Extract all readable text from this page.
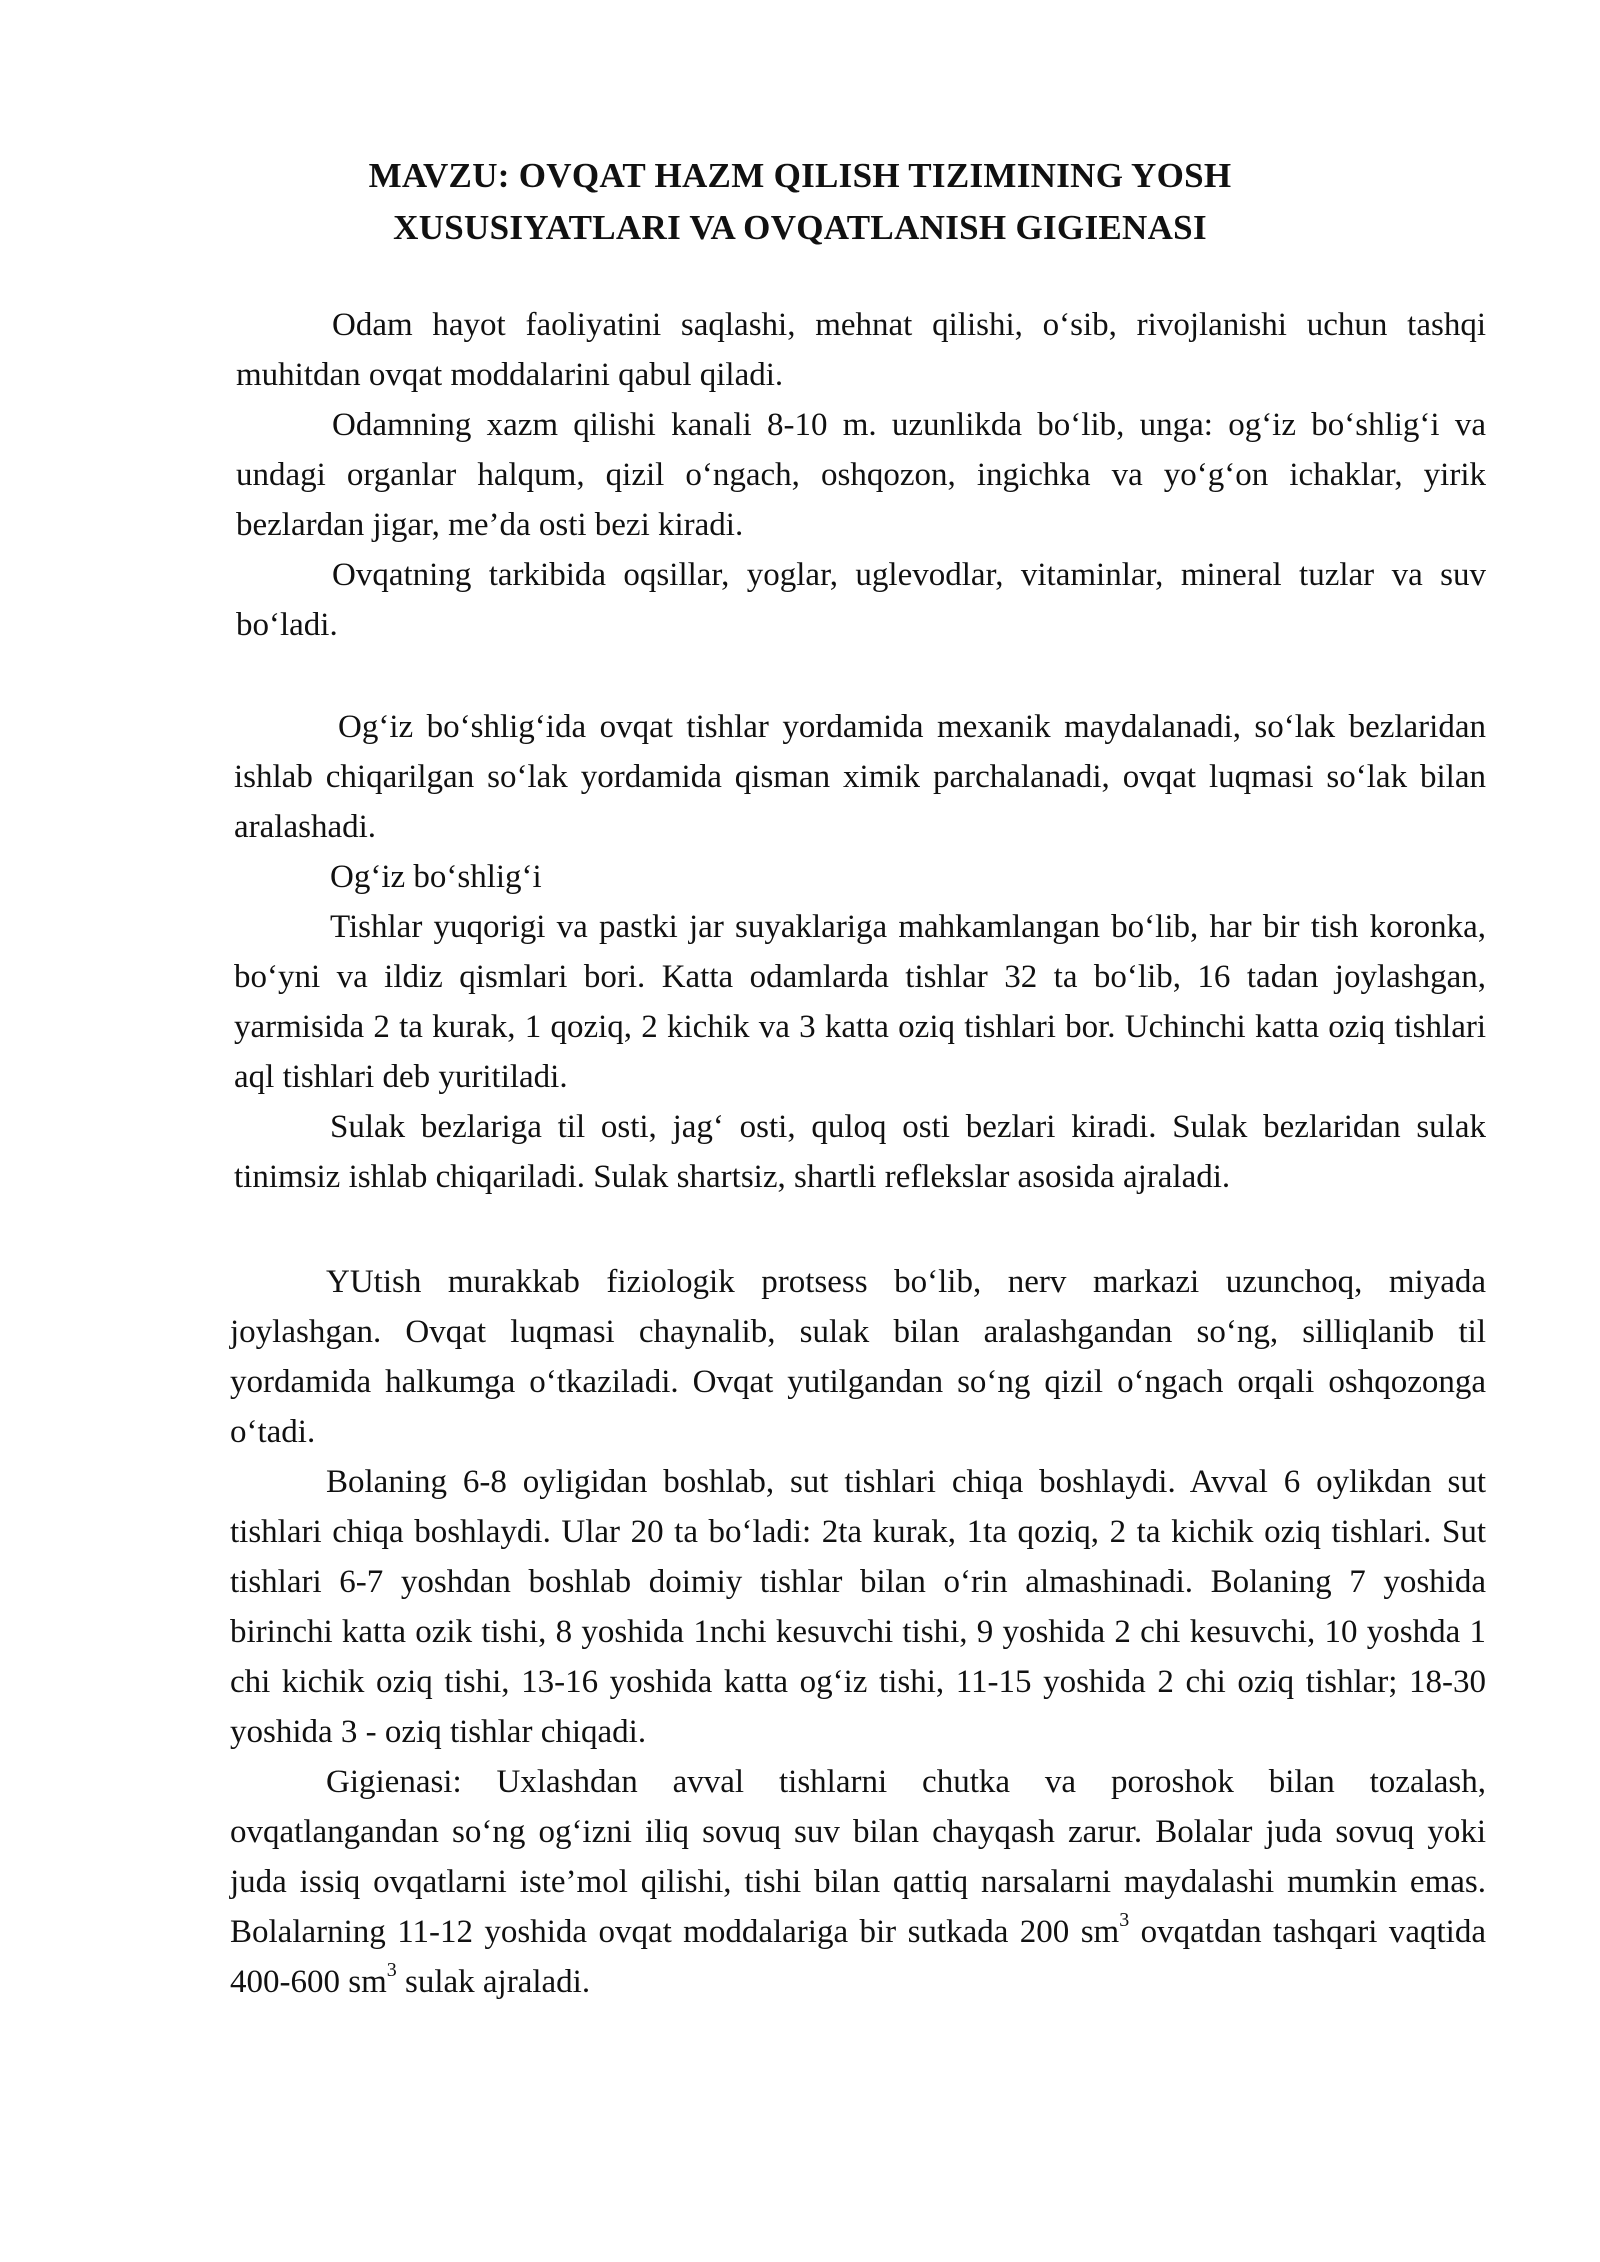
MAVZU: OVQAT HAZM QILISH TIZIMINING YOSH
XUSUSIYATLARI VA OVQATLANISH GIGIENASI

Odam hayot faoliyatini saqlashi, mehnat qilishi, o‘sib, rivojlanishi uchun tashqi muhitdan ovqat moddalarini qabul qiladi.

Odamning xazm qilishi kanali 8-10 m. uzunlikda bo‘lib, unga: og‘iz bo‘shlig‘i va undagi organlar halqum, qizil o‘ngach, oshqozon, ingichka va yo‘g‘on ichaklar, yirik bezlardan jigar, me’da osti bezi kiradi.

Ovqatning tarkibida oqsillar, yoglar, uglevodlar, vitaminlar, mineral tuzlar va suv bo‘ladi.

Og‘iz bo‘shlig‘ida ovqat tishlar yordamida mexanik maydalanadi, so‘lak bezlaridan ishlab chiqarilgan so‘lak yordamida qisman ximik parchalanadi, ovqat luqmasi so‘lak bilan aralashadi.

Og‘iz bo‘shlig‘i

Tishlar yuqorigi va pastki jar suyaklariga mahkamlangan bo‘lib, har bir tish koronka, bo‘yni va ildiz qismlari bori. Katta odamlarda tishlar 32 ta bo‘lib, 16 tadan joylashgan, yarmisida 2 ta kurak, 1 qoziq, 2 kichik va 3 katta oziq tishlari bor. Uchinchi katta oziq tishlari aql tishlari deb yuritiladi.

Sulak bezlariga til osti, jag‘ osti, quloq osti bezlari kiradi. Sulak bezlaridan sulak tinimsiz ishlab chiqariladi. Sulak shartsiz, shartli reflekslar asosida ajraladi.

YUtish murakkab fiziologik protsess bo‘lib, nerv markazi uzunchoq, miyada joylashgan. Ovqat luqmasi chaynalib, sulak bilan aralashgandan so‘ng, silliqlanib til yordamida halkumga o‘tkaziladi. Ovqat yutilgandan so‘ng qizil o‘ngach orqali oshqozonga o‘tadi.

Bolaning 6-8 oyligidan boshlab, sut tishlari chiqa boshlaydi. Avval 6 oylikdan sut tishlari chiqa boshlaydi. Ular 20 ta bo‘ladi: 2ta kurak, 1ta qoziq, 2 ta kichik oziq tishlari. Sut tishlari 6-7 yoshdan boshlab doimiy tishlar bilan o‘rin almashinadi. Bolaning 7 yoshida birinchi katta ozik tishi, 8 yoshida 1nchi kesuvchi tishi, 9 yoshida 2 chi kesuvchi, 10 yoshda 1 chi kichik oziq tishi, 13-16 yoshida katta og‘iz tishi, 11-15 yoshida 2 chi oziq tishlar; 18-30 yoshida 3 - oziq tishlar chiqadi.

Gigienasi: Uxlashdan avval tishlarni chutka va poroshok bilan tozalash, ovqatlangandan so‘ng og‘izni iliq sovuq suv bilan chayqash zarur. Bolalar juda sovuq yoki juda issiq ovqatlarni iste’mol qilishi, tishi bilan qattiq narsalarni maydalashi mumkin emas. Bolalarning 11-12 yoshida ovqat moddalariga bir sutkada 200 $sm^3$ ovqatdan tashqari vaqtida 400-600 $sm^3$ sulak ajraladi.
